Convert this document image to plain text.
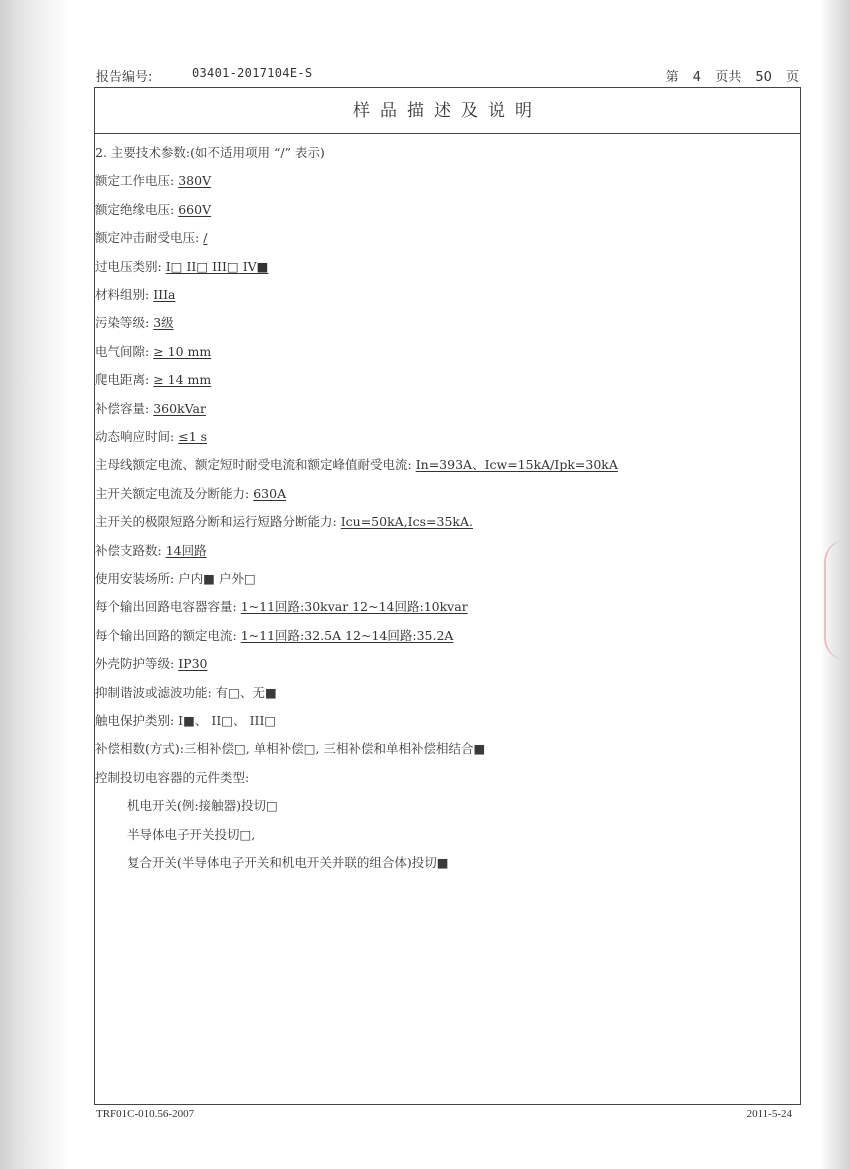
报告编号:	03401-2017104E-S	第 4 页共 50 页
样品描述及说明
2. 主要技术参数:(如不适用项用 “/” 表示)
额定工作电压: 380V
额定绝缘电压: 660V
额定冲击耐受电压: /
过电压类别: I□ II□ III□ IV■
材料组别: IIIa
污染等级: 3级
电气间隙: ≥ 10 mm
爬电距离: ≥ 14 mm
补偿容量: 360kVar
动态响应时间: ≤1 s
主母线额定电流、额定短时耐受电流和额定峰值耐受电流: In=393A、Icw=15kA/Ipk=30kA
主开关额定电流及分断能力: 630A
主开关的极限短路分断和运行短路分断能力: Icu=50kA,Ics=35kA.
补偿支路数: 14回路
使用安装场所: 户内■ 户外□
每个输出回路电容器容量: 1~11回路:30kvar 12~14回路:10kvar
每个输出回路的额定电流: 1~11回路:32.5A 12~14回路:35.2A
外壳防护等级: IP30
抑制谐波或滤波功能: 有□、无■
触电保护类别: I■、 II□、 III□
补偿相数(方式):三相补偿□, 单相补偿□, 三相补偿和单相补偿相结合■
控制投切电容器的元件类型:
机电开关(例:接触器)投切□
半导体电子开关投切□,
复合开关(半导体电子开关和机电开关并联的组合体)投切■
TRF01C-010.56-2007	2011-5-24
